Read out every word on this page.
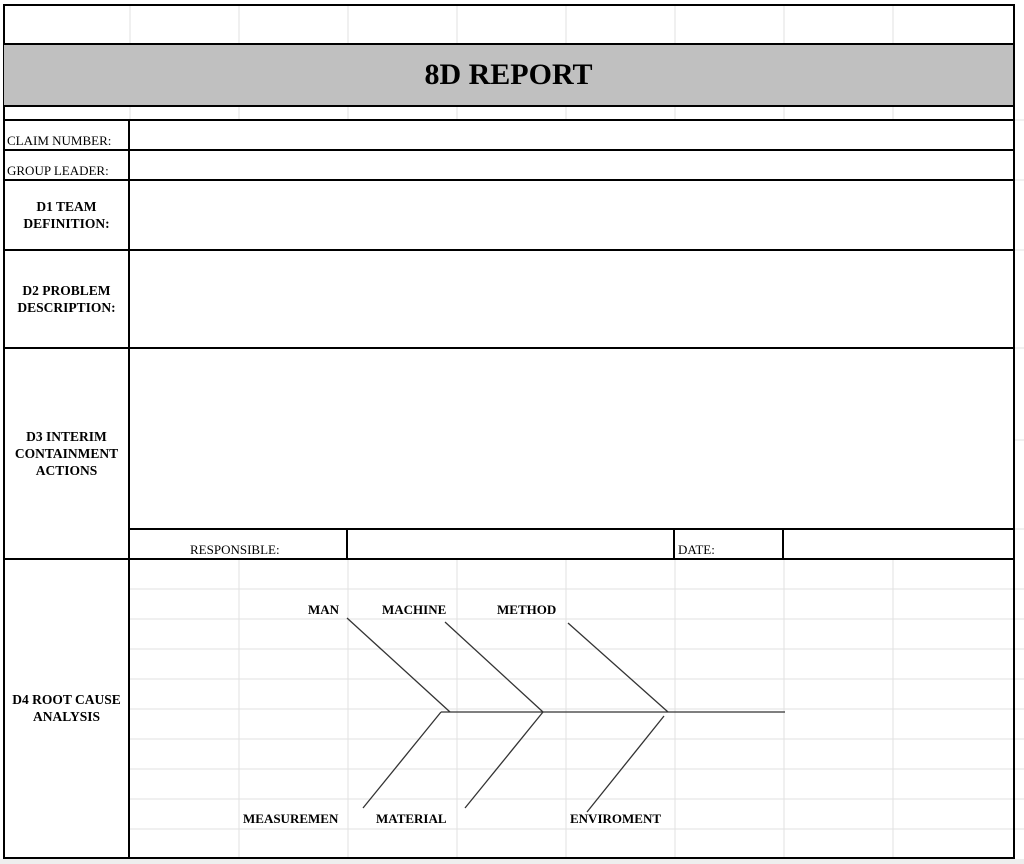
8D REPORT
CLAIM NUMBER:
GROUP LEADER:
D1 TEAM
DEFINITION:
D2 PROBLEM
DESCRIPTION:
D3 INTERIM
CONTAINMENT
ACTIONS
RESPONSIBLE:	DATE:
D4 ROOT CAUSE
ANALYSIS
MAN	MACHINE	METHOD
MEASUREMEN	MATERIAL	ENVIROMENT
